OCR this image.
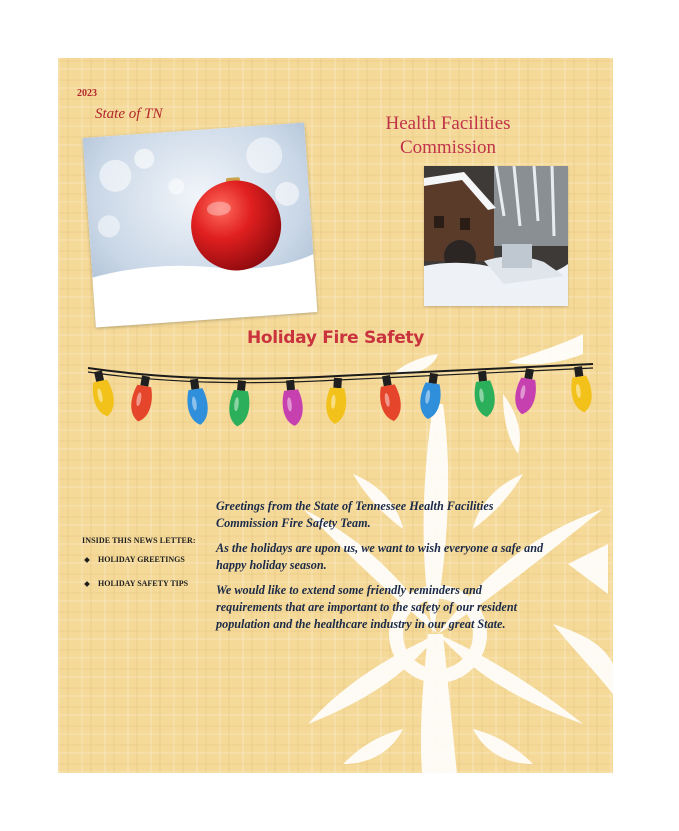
2023
State of TN	Health Facilities
Commission
Holiday Fire Safety
INSIDE THIS NEWS LETTER:
HOLIDAY GREETINGS
HOLIDAY SAFETY TIPS

Greetings from the State of Tennessee Health Facilities Commission Fire Safety Team.

As the holidays are upon us, we want to wish everyone a safe and happy holiday season.

We would like to extend some friendly reminders and requirements that are important to the safety of our resident population and the healthcare industry in our great State.
